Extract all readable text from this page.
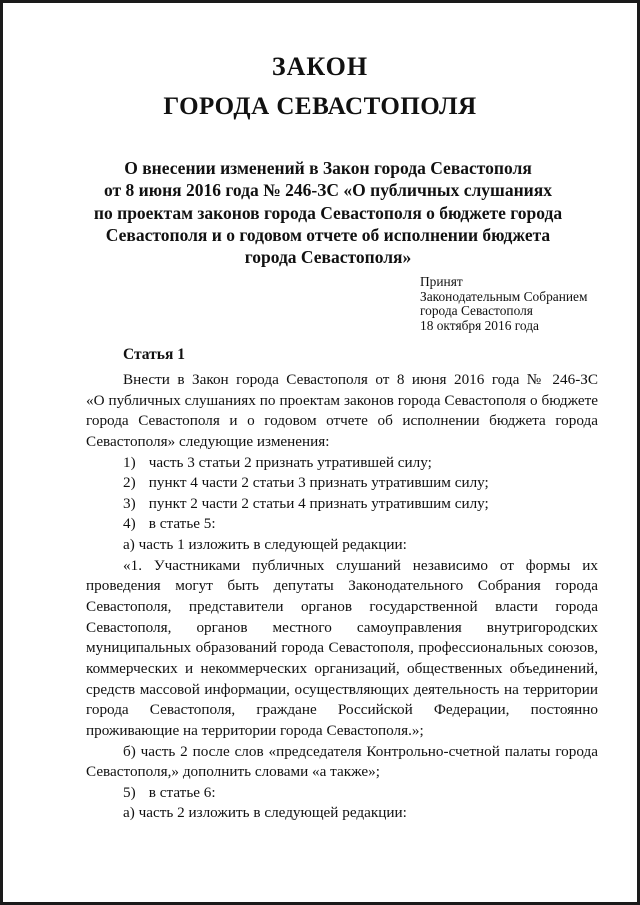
ЗАКОН
ГОРОДА СЕВАСТОПОЛЯ
О внесении изменений в Закон города Севастополя
от 8 июня 2016 года № 246-ЗС «О публичных слушаниях
по проектам законов города Севастополя о бюджете города
Севастополя и о годовом отчете об исполнении бюджета
города Севастополя»
Принят
Законодательным Собранием
города Севастополя
18 октября 2016 года
Статья 1
Внести в Закон города Севастополя от 8 июня 2016 года № 246-ЗС
«О публичных слушаниях по проектам законов города Севастополя о бюджете
города Севастополя и о годовом отчете об исполнении бюджета города
Севастополя» следующие изменения:
1) часть 3 статьи 2 признать утратившей силу;
2) пункт 4 части 2 статьи 3 признать утратившим силу;
3) пункт 2 части 2 статьи 4 признать утратившим силу;
4) в статье 5:
а) часть 1 изложить в следующей редакции:
«1. Участниками публичных слушаний независимо от формы их
проведения могут быть депутаты Законодательного Собрания города
Севастополя, представители органов государственной власти города
Севастополя, органов местного самоуправления внутригородских
муниципальных образований города Севастополя, профессиональных союзов,
коммерческих и некоммерческих организаций, общественных объединений,
средств массовой информации, осуществляющих деятельность на территории
города Севастополя, граждане Российской Федерации, постоянно
проживающие на территории города Севастополя.»;
б) часть 2 после слов «председателя Контрольно-счетной палаты города
Севастополя,» дополнить словами «а также»;
5) в статье 6:
а) часть 2 изложить в следующей редакции:
